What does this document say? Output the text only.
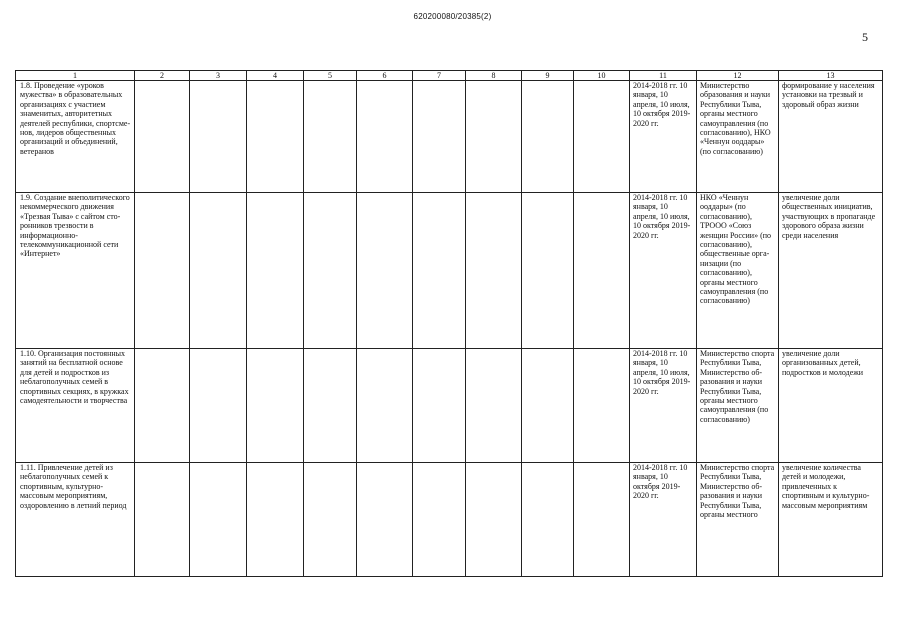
620200080/20385(2)
5
1	2	3	4	5	6	7	8	9	10	11	12	13
1.8. Проведение «уроков мужества» в образовательных организациях с участием знаменитых, авторитетных деятелей республики, спортсменов, лидеров общественных организаций и объединений, ветеранов										2014-2018 гг. 10 января, 10 апреля, 10 июля, 10 октября 2019-2020 гг.	Министерство образования и науки Республики Тыва, органы местного самоуправления (по согласованию), НКО «Ченнун ооддары» (по согласованию)	формирование у населения установки на трезвый и здоровый образ жизни
1.9. Создание внеполитического некоммерческого движения «Трезвая Тыва» с сайтом сторонников трезвости в информационно-телекоммуникационной сети «Интернет»										2014-2018 гг. 10 января, 10 апреля, 10 июля, 10 октября 2019-2020 гг.	НКО «Ченнун ооддары» (по согласованию), ТРООО «Союз женщин России» (по согласованию), общественные организации (по согласованию), органы местного самоуправления (по согласованию)	увеличение доли общественных инициатив, участвующих в пропаганде здорового образа жизни среди населения
1.10. Организация постоянных занятий на бесплатной основе для детей и подростков из неблагополучных семей в спортивных секциях, в кружках самодеятельности и творчества										2014-2018 гг. 10 января, 10 апреля, 10 июля, 10 октября 2019-2020 гг.	Министерство спорта Республики Тыва, Министерство образования и науки Республики Тыва, органы местного самоуправления (по согласованию)	увеличение доли организованных детей, подростков и молодежи
1.11. Привлечение детей из неблагополучных семей к спортивным, культурно-массовым мероприятиям, оздоровлению в летний период										2014-2018 гг. 10 января, 10 октября 2019-2020 гг.	Министерство спорта Республики Тыва, Министерство образования и науки Республики Тыва, органы местного	увеличение количества детей и молодежи, привлеченных к спортивным и культурно-массовым мероприятиям
